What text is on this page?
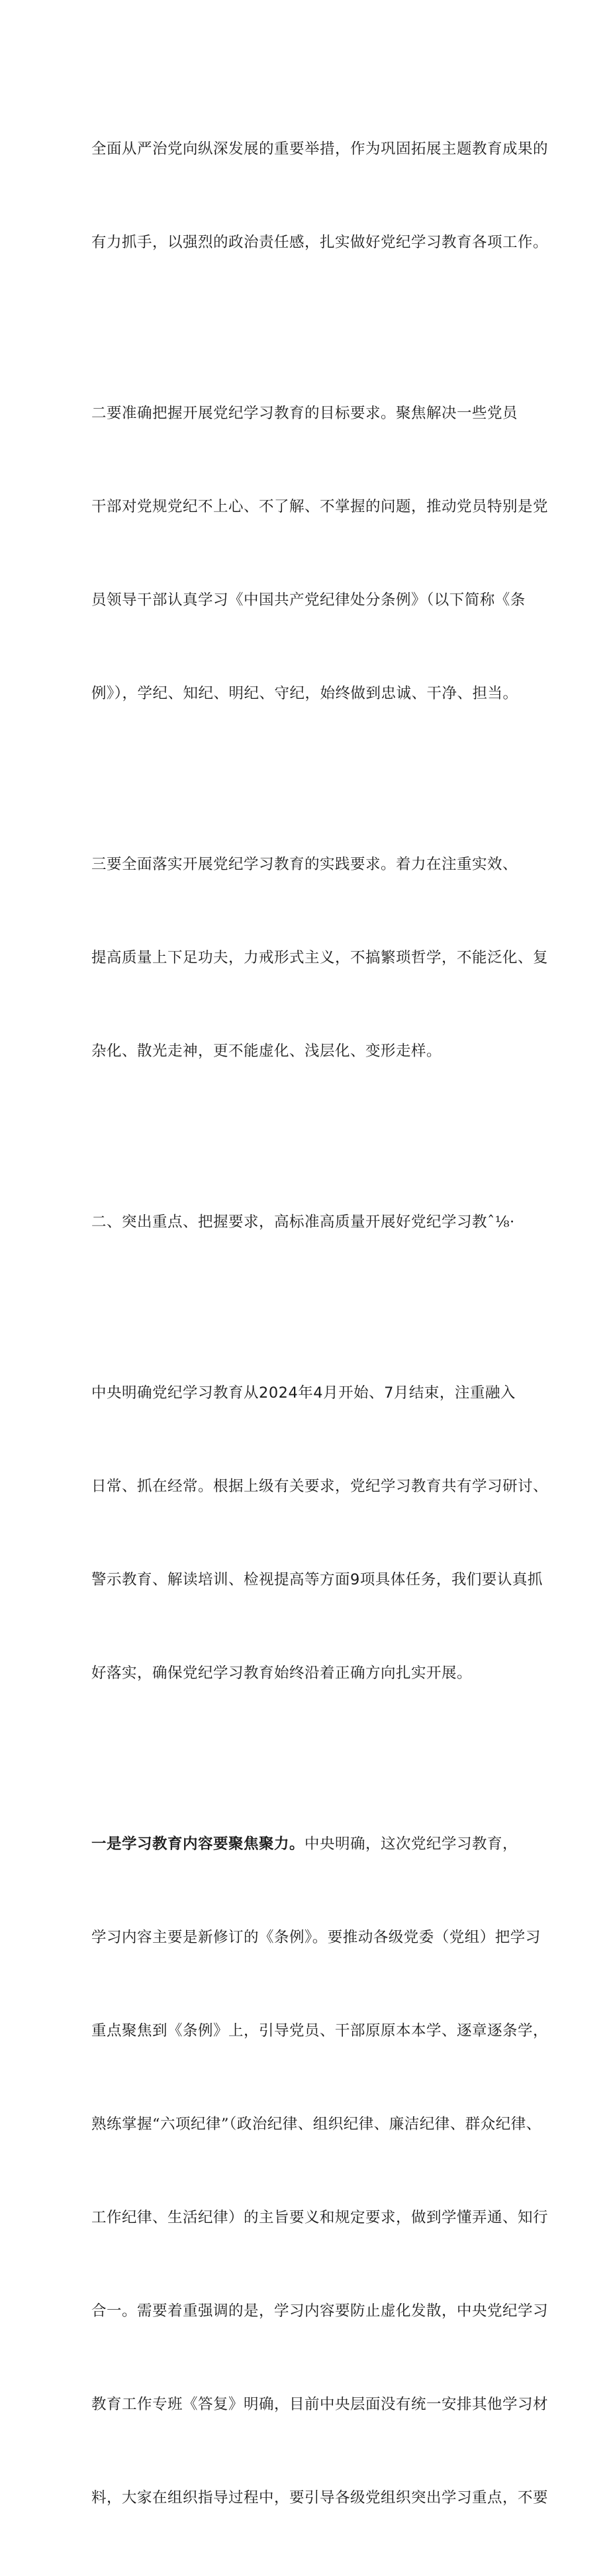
全面从严治党向纵深发展的重要举措，作为巩固拓展主题教育成果的

有力抓手，以强烈的政治责任感，扎实做好党纪学习教育各项工作。

二要准确把握开展党纪学习教育的目标要求。聚焦解决一些党员

干部对党规党纪不上心、不了解、不掌握的问题，推动党员特别是党

员领导干部认真学习《中国共产党纪律处分条例》（以下简称《条

例》），学纪、知纪、明纪、守纪，始终做到忠诚、干净、担当。

三要全面落实开展党纪学习教育的实践要求。着力在注重实效、

提高质量上下足功夫，力戒形式主义，不搞繁琐哲学，不能泛化、复

杂化、散光走神，更不能虚化、浅层化、变形走样。

二、突出重点、把握要求，高标准高质量开展好党纪学习教ˆ⅛·

中央明确党纪学习教育从2024年4月开始、7月结束，注重融入

日常、抓在经常。根据上级有关要求，党纪学习教育共有学习研讨、

警示教育、解读培训、检视提高等方面9项具体任务，我们要认真抓

好落实，确保党纪学习教育始终沿着正确方向扎实开展。

一是学习教育内容要聚焦聚力。中央明确，这次党纪学习教育，

学习内容主要是新修订的《条例》。要推动各级党委（党组）把学习

重点聚焦到《条例》上，引导党员、干部原原本本学、逐章逐条学，

熟练掌握“六项纪律”（政治纪律、组织纪律、廉洁纪律、群众纪律、

工作纪律、生活纪律）的主旨要义和规定要求，做到学懂弄通、知行

合一。需要着重强调的是，学习内容要防止虚化发散，中央党纪学习

教育工作专班《答复》明确，目前中央层面没有统一安排其他学习材

料，大家在组织指导过程中，要引导各级党组织突出学习重点，不要
